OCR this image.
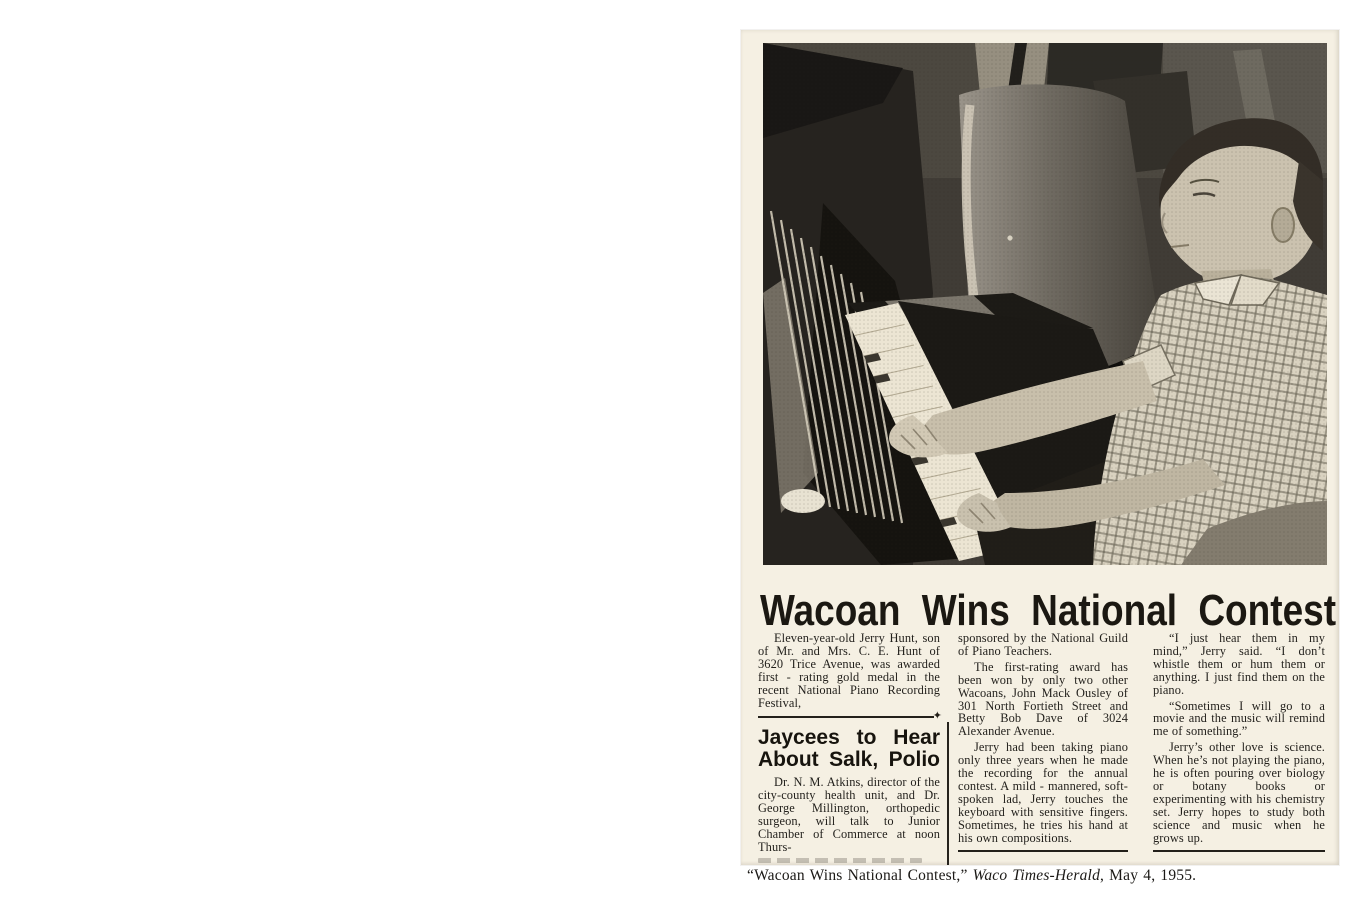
Wacoan Wins National Contest

Eleven-year-old Jerry Hunt, son of Mr. and Mrs. C. E. Hunt of 3620 Trice Avenue, was awarded first - rating gold medal in the recent National Piano Recording Festival,

✦
Jaycees to Hear About Salk, Polio

Dr. N. M. Atkins, director of the city-county health unit, and Dr. George Millington, orthopedic surgeon, will talk to Junior Chamber of Commerce at noon Thurs-

sponsored by the National Guild of Piano Teachers.

The first-rating award has been won by only two other Wacoans, John Mack Ousley of 301 North Fortieth Street and Betty Bob Dave of 3024 Alexander Avenue.

Jerry had been taking piano only three years when he made the recording for the annual contest. A mild - mannered, soft-spoken lad, Jerry touches the keyboard with sensitive fingers. Sometimes, he tries his hand at his own compositions.

“I just hear them in my mind,” Jerry said. “I don’t whistle them or hum them or anything. I just find them on the piano.

“Sometimes I will go to a movie and the music will remind me of something.”

Jerry’s other love is science. When he’s not playing the piano, he is often pouring over biology or botany books or experimenting with his chemistry set. Jerry hopes to study both science and music when he grows up.

“Wacoan Wins National Contest,” Waco Times-Herald, May 4, 1955.
